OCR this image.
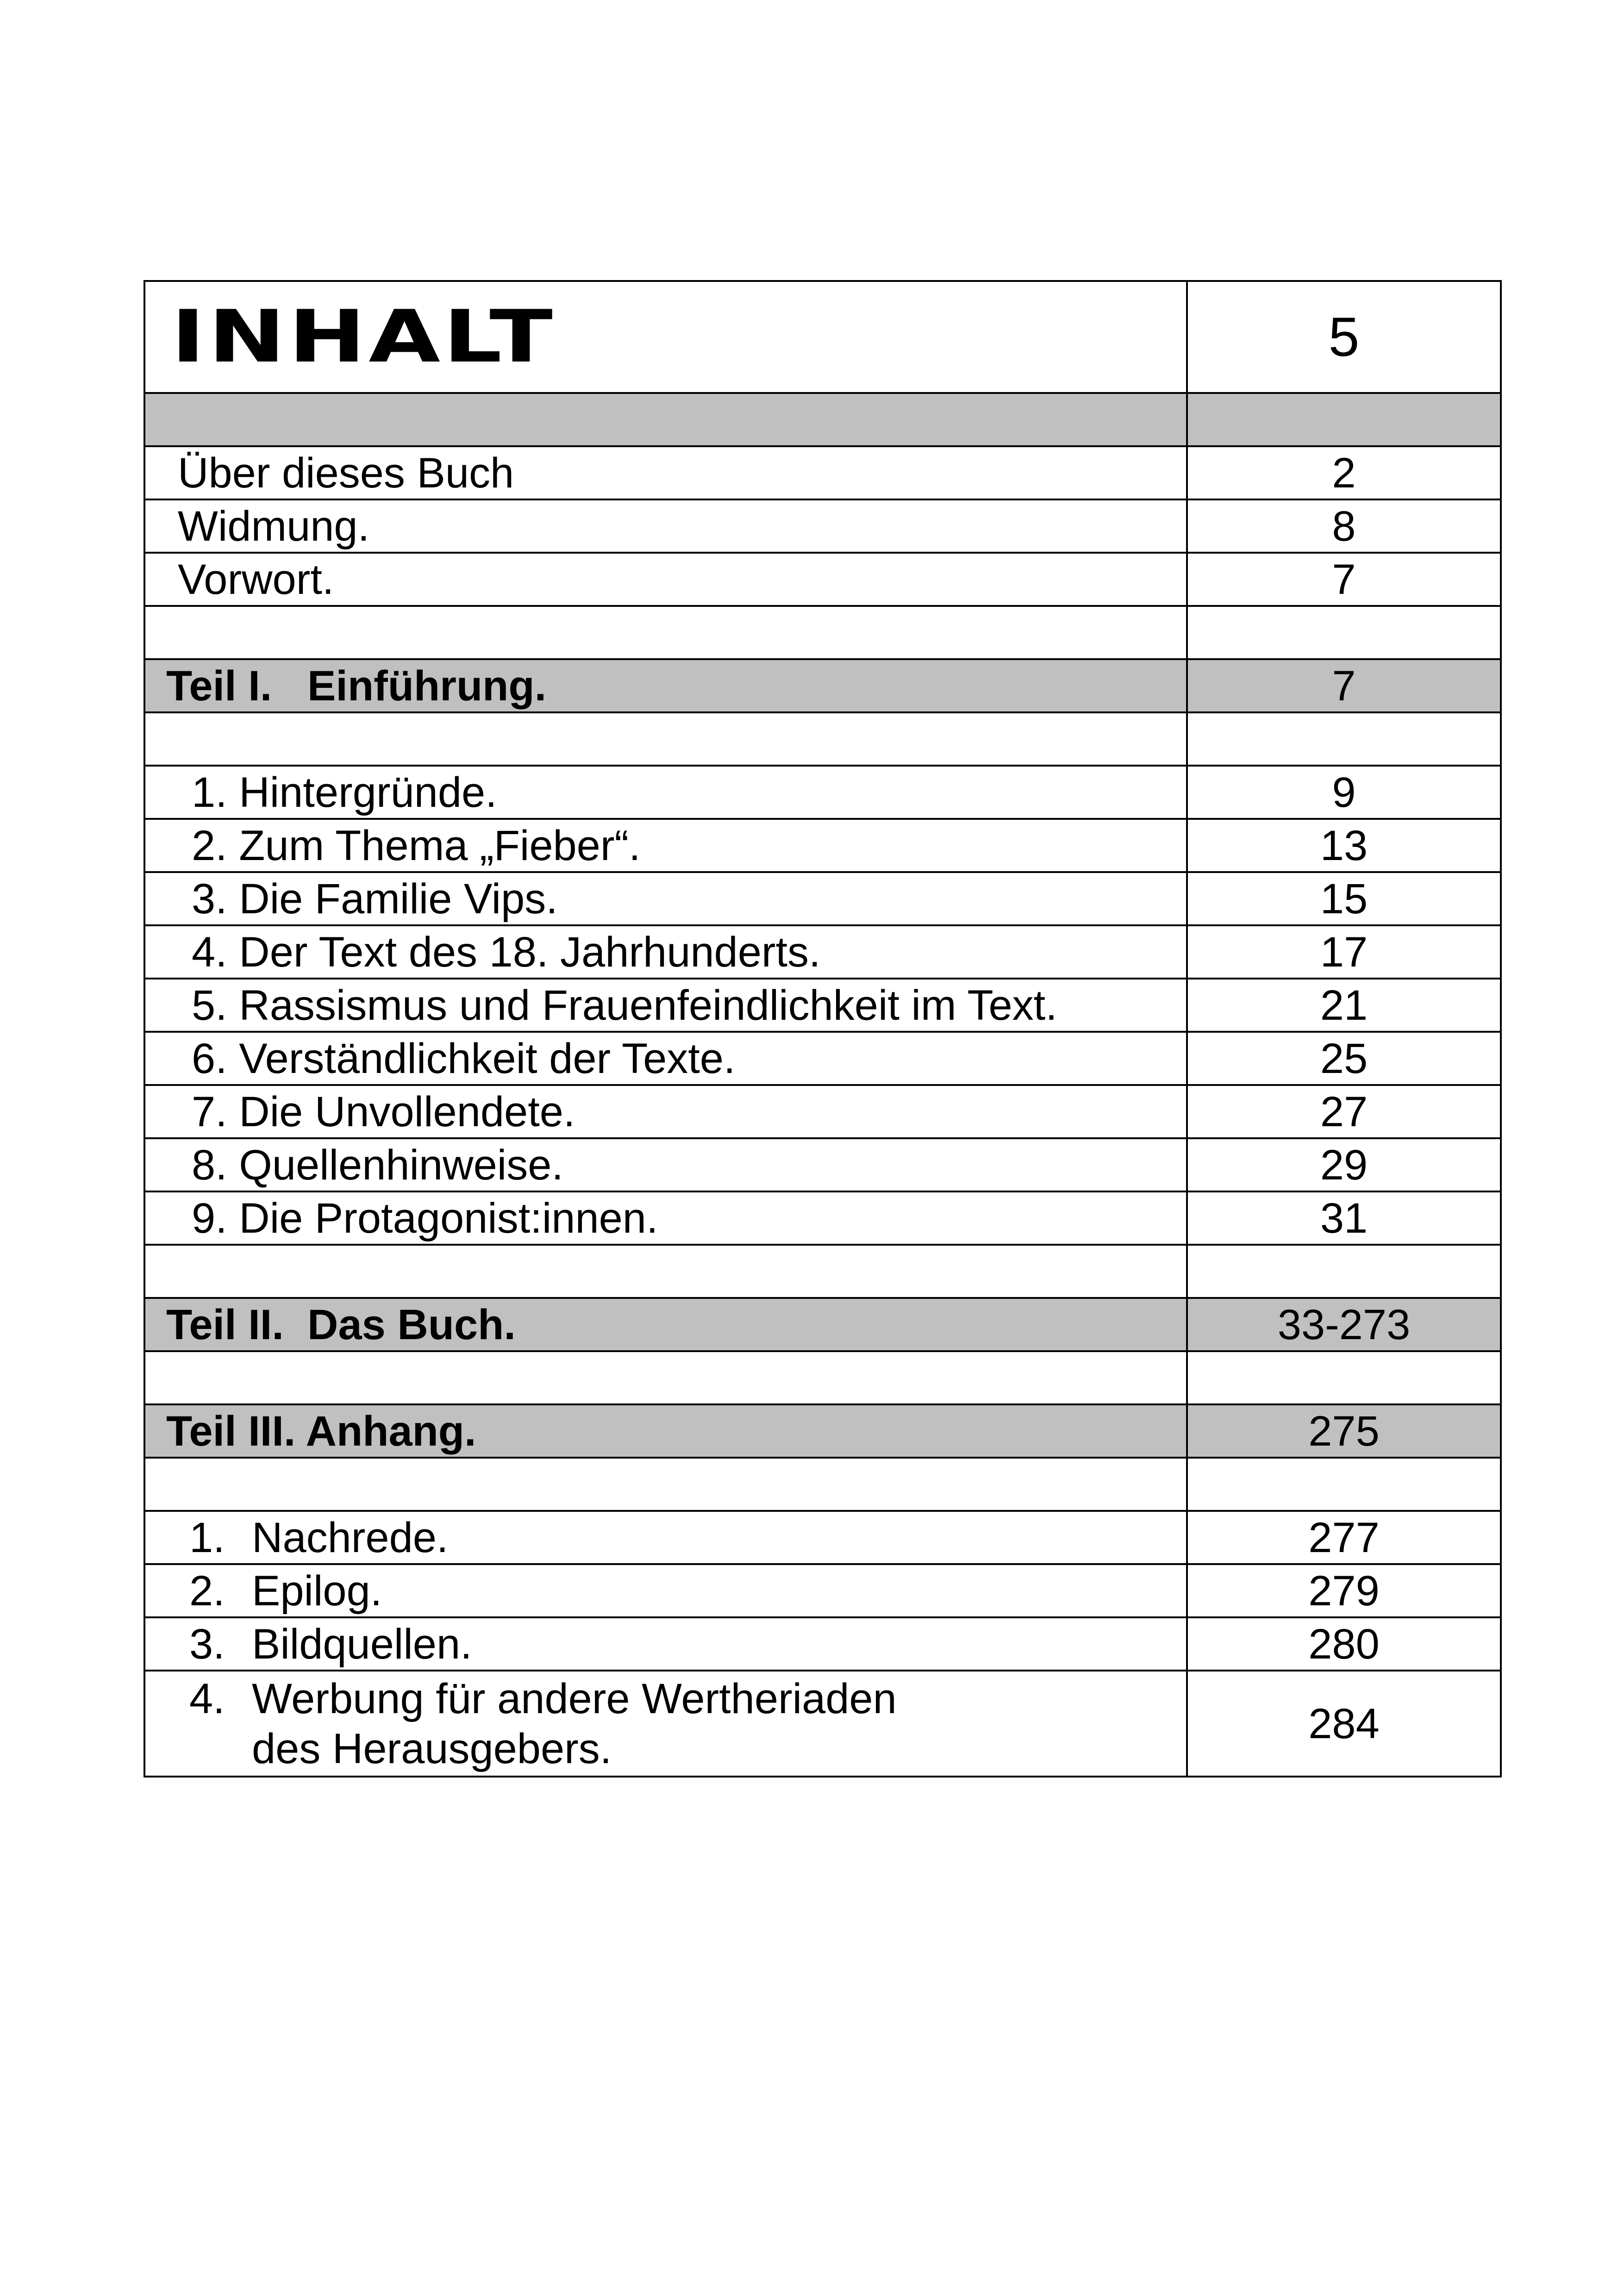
INHALT	5

Über dieses Buch	2
Widmung.	8
Vorwort.	7

Teil I.   Einführung.	7

1. Hintergründe.	9
2. Zum Thema „Fieber“.	13
3. Die Familie Vips.	15
4. Der Text des 18. Jahrhunderts.	17
5. Rassismus und Frauenfeindlichkeit im Text.	21
6. Verständlichkeit der Texte.	25
7. Die Unvollendete.	27
8. Quellenhinweise.	29
9. Die Protagonist:innen.	31

Teil II.  Das Buch.	33-273

Teil III. Anhang.	275

1. Nachrede.	277
2. Epilog.	279
3. Bildquellen.	280
4. Werbung für andere Wertheriaden
des Herausgebers.	284
